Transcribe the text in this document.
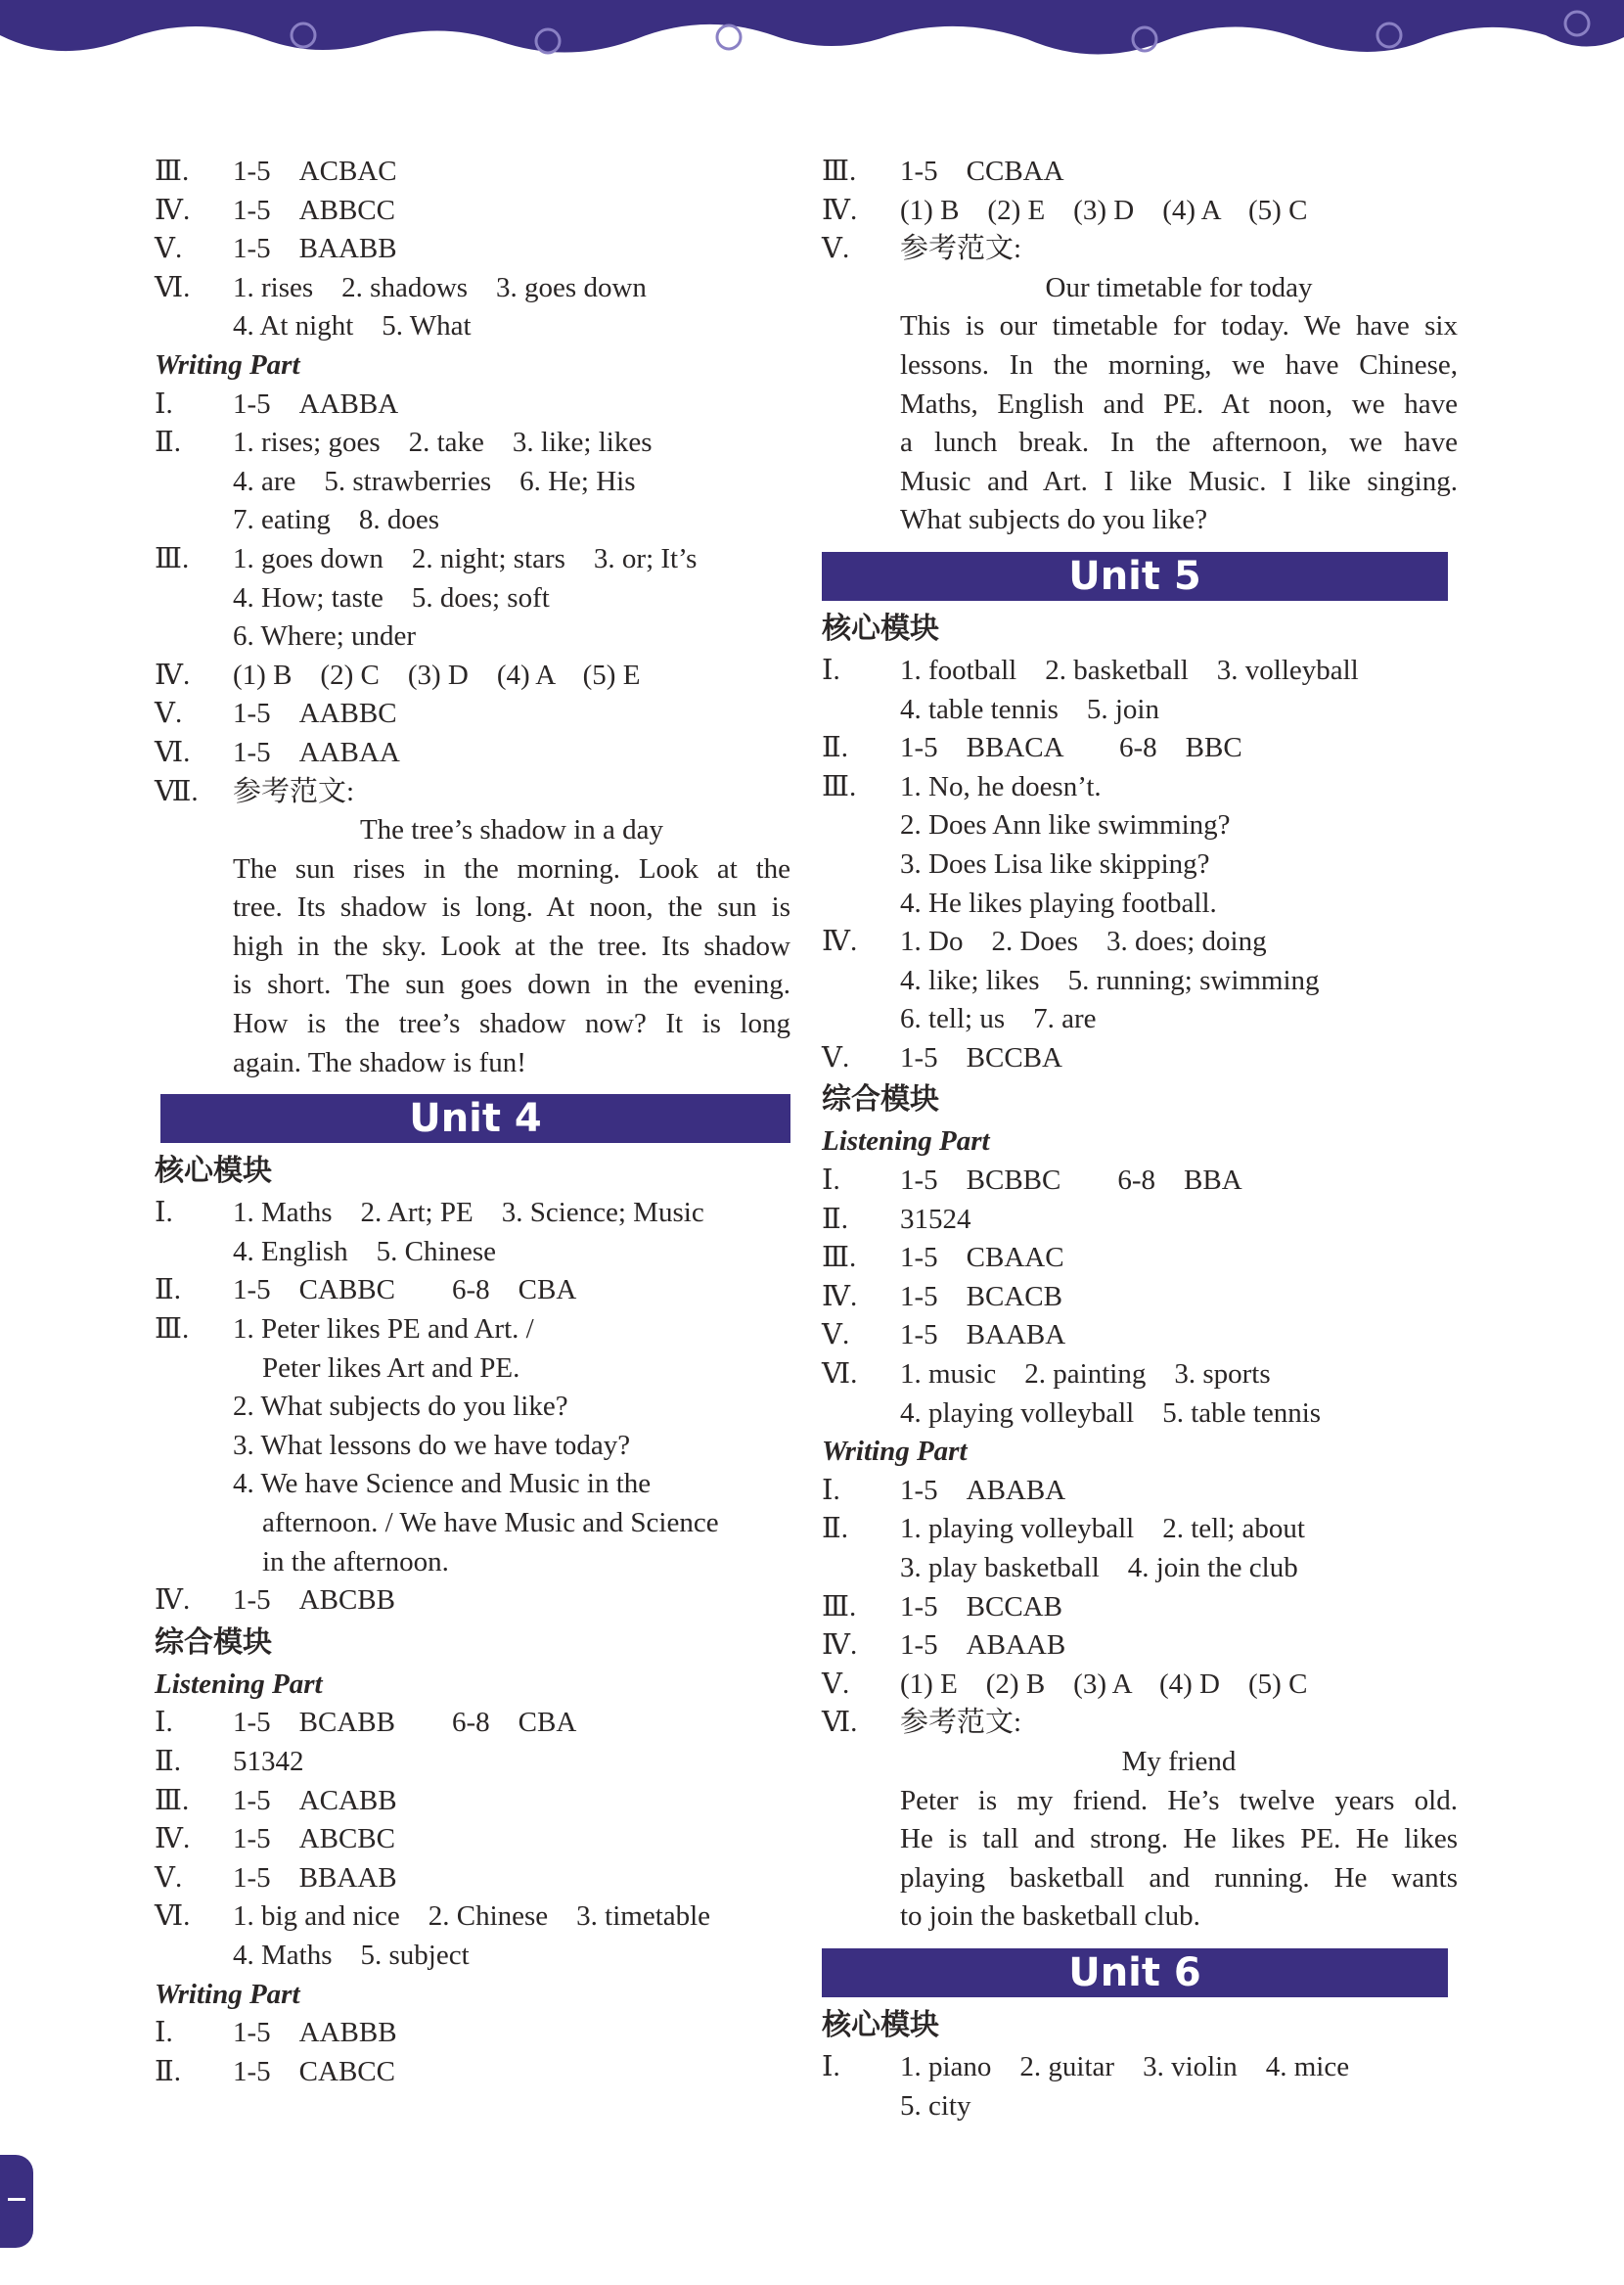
Ⅲ.	1-5　ACBAC
Ⅳ.	1-5　ABBCC
Ⅴ.	1-5　BAABB
Ⅵ.	1. rises　2. shadows　3. goes down
4. At night　5. What
Writing Part
Ⅰ.	1-5　AABBA
Ⅱ.	1. rises; goes　2. take　3. like; likes
4. are　5. strawberries　6. He; His
7. eating　8. does
Ⅲ.	1. goes down　2. night; stars　3. or; It’s
4. How; taste　5. does; soft
6. Where; under
Ⅳ.	(1) B　(2) C　(3) D　(4) A　(5) E
Ⅴ.	1-5　AABBC
Ⅵ.	1-5　AABAA
Ⅶ.	参考范文:
The tree’s shadow in a day
The sun rises in the morning. Look at the
tree. Its shadow is long. At noon, the sun is
high in the sky. Look at the tree. Its shadow
is short. The sun goes down in the evening.
How is the tree’s shadow now? It is long
again. The shadow is fun!
Unit 4
核心模块
Ⅰ.	1. Maths　2. Art; PE　3. Science; Music
4. English　5. Chinese
Ⅱ.	1-5　CABBC　　6-8　CBA
Ⅲ.	1. Peter likes PE and Art. /
Peter likes Art and PE.
2. What subjects do you like?
3. What lessons do we have today?
4. We have Science and Music in the
afternoon. / We have Music and Science
in the afternoon.
Ⅳ.	1-5　ABCBB
综合模块
Listening Part
Ⅰ.	1-5　BCABB　　6-8　CBA
Ⅱ.	51342
Ⅲ.	1-5　ACABB
Ⅳ.	1-5　ABCBC
Ⅴ.	1-5　BBAAB
Ⅵ.	1. big and nice　2. Chinese　3. timetable
4. Maths　5. subject
Writing Part
Ⅰ.	1-5　AABBB
Ⅱ.	1-5　CABCC
Ⅲ.	1-5　CCBAA
Ⅳ.	(1) B　(2) E　(3) D　(4) A　(5) C
Ⅴ.	参考范文:
Our timetable for today
This is our timetable for today. We have six
lessons. In the morning, we have Chinese,
Maths, English and PE. At noon, we have
a lunch break. In the afternoon, we have
Music and Art. I like Music. I like singing.
What subjects do you like?
Unit 5
核心模块
Ⅰ.	1. football　2. basketball　3. volleyball
4. table tennis　5. join
Ⅱ.	1-5　BBACA　　6-8　BBC
Ⅲ.	1. No, he doesn’t.
2. Does Ann like swimming?
3. Does Lisa like skipping?
4. He likes playing football.
Ⅳ.	1. Do　2. Does　3. does; doing
4. like; likes　5. running; swimming
6. tell; us　7. are
Ⅴ.	1-5　BCCBA
综合模块
Listening Part
Ⅰ.	1-5　BCBBC　　6-8　BBA
Ⅱ.	31524
Ⅲ.	1-5　CBAAC
Ⅳ.	1-5　BCACB
Ⅴ.	1-5　BAABA
Ⅵ.	1. music　2. painting　3. sports
4. playing volleyball　5. table tennis
Writing Part
Ⅰ.	1-5　ABABA
Ⅱ.	1. playing volleyball　2. tell; about
3. play basketball　4. join the club
Ⅲ.	1-5　BCCAB
Ⅳ.	1-5　ABAAB
Ⅴ.	(1) E　(2) B　(3) A　(4) D　(5) C
Ⅵ.	参考范文:
My friend
Peter is my friend. He’s twelve years old.
He is tall and strong. He likes PE. He likes
playing basketball and running. He wants
to join the basketball club.
Unit 6
核心模块
Ⅰ.	1. piano　2. guitar　3. violin　4. mice
5. city
